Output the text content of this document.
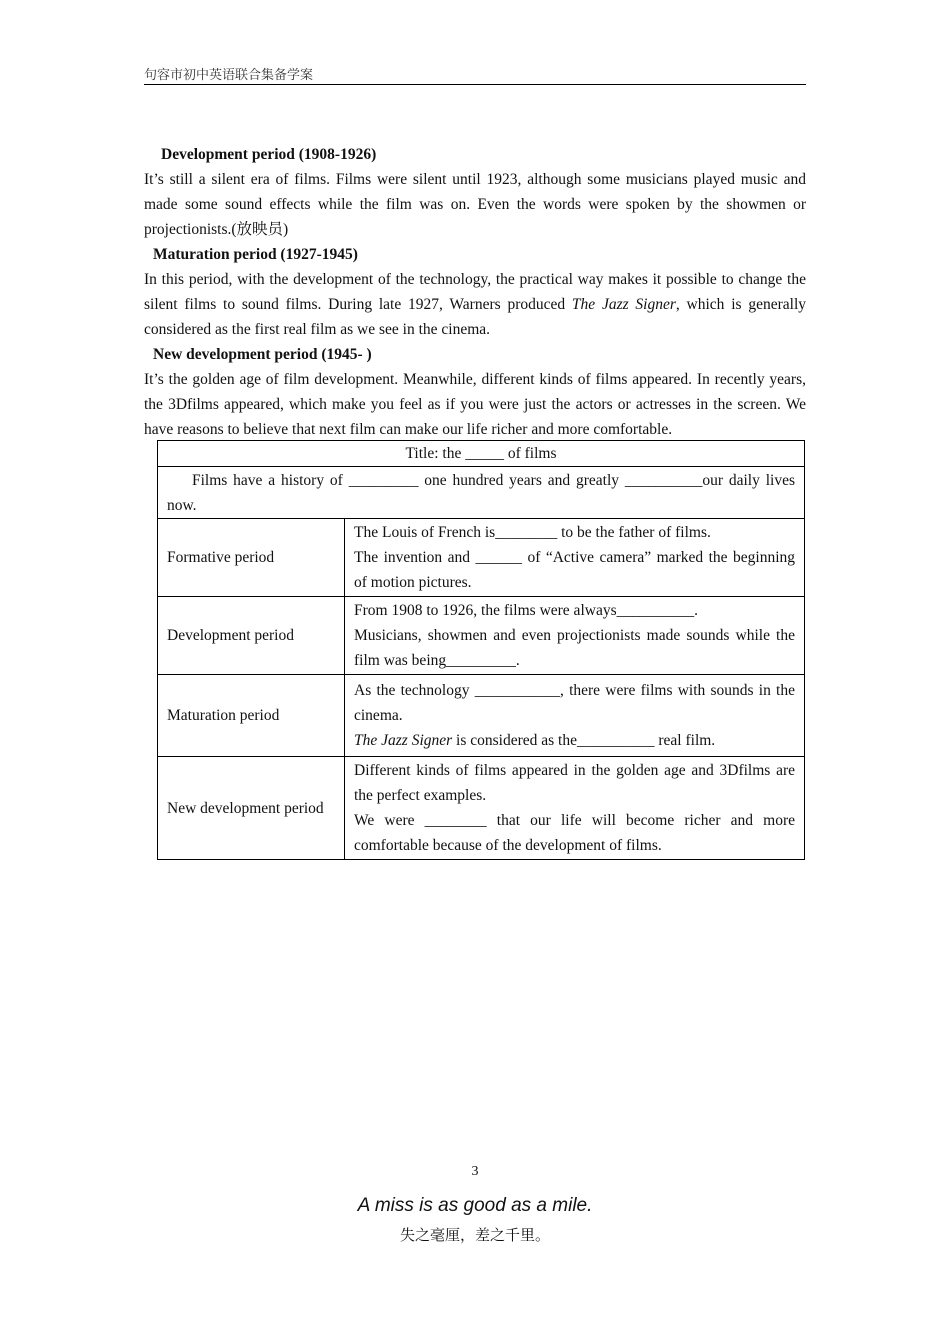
句容市初中英语联合集备学案

Development period (1908-1926)

It’s still a silent era of films. Films were silent until 1923, although some musicians played music and made some sound effects while the film was on. Even the words were spoken by the showmen or projectionists.(放映员)

Maturation period (1927-1945)

In this period, with the development of the technology, the practical way makes it possible to change the silent films to sound films. During late 1927, Warners produced The Jazz Signer, which is generally considered as the first real film as we see in the cinema.

New development period (1945- )

It’s the golden age of film development. Meanwhile, different kinds of films appeared. In recently years, the 3Dfilms appeared, which make you feel as if you were just the actors or actresses in the screen. We have reasons to believe that next film can make our life richer and more comfortable.

Title: the _____ of films	
Films have a history of _________ one hundred years and greatly __________our daily lives now.	
Formative period	The Louis of French is________ to be the father of films.
The invention and ______ of “Active camera” marked the beginning of motion pictures.

Development period	From 1908 to 1926, the films were always__________.
Musicians, showmen and even projectionists made sounds while the film was being_________.

Maturation period	As the technology ___________, there were films with sounds in the cinema.
The Jazz Signer is considered as the__________ real film.

New development period	Different kinds of films appeared in the golden age and 3Dfilms are the perfect examples.
We were ________ that our life will become richer and more comfortable because of the development of films.
3
A miss is as good as a mile.
失之毫厘，差之千里。
